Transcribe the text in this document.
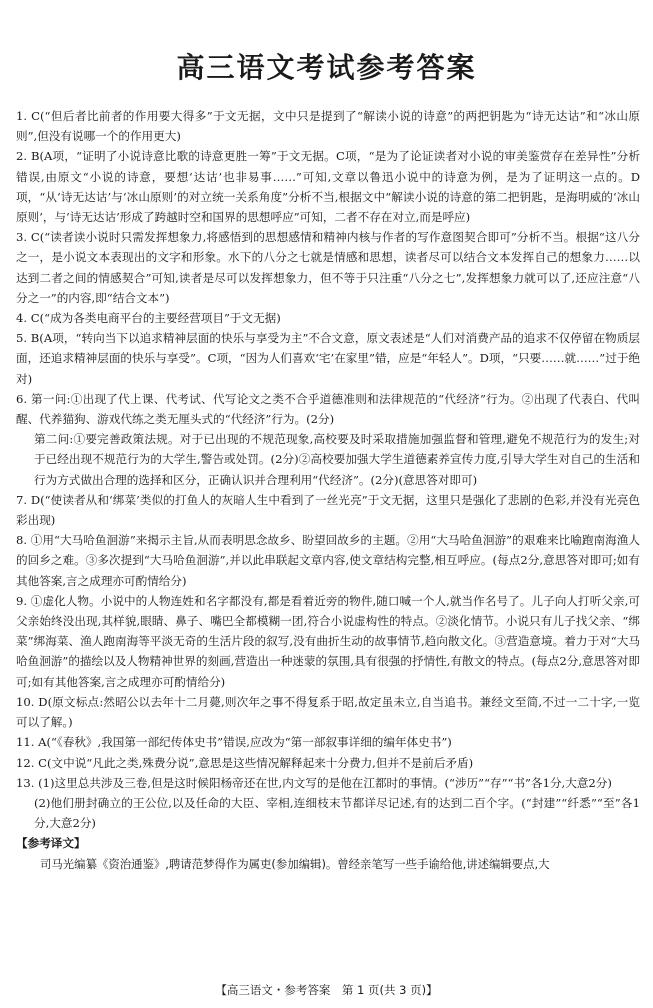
高三语文考试参考答案

1. C(“但后者比前者的作用要大得多”于文无据，文中只是提到了“解读小说的诗意”的两把钥匙为“诗无达诂”和“冰山原则”,但没有说哪一个的作用更大)

2. B(A项，“证明了小说诗意比歌的诗意更胜一筹”于文无据。C项，“是为了论证读者对小说的审美鉴赏存在差异性”分析错误,由原文“小说的诗意，要想‘达诂’也非易事……”可知,文章以鲁迅小说中的诗意为例，是为了证明这一点的。D项，“从‘诗无达诂’与‘冰山原则’的对立统一关系角度”分析不当,根据文中“解读小说的诗意的第二把钥匙，是海明威的‘冰山原则’，与‘诗无达诂’形成了跨越时空和国界的思想呼应”可知，二者不存在对立,而是呼应)

3. C(“读者读小说时只需发挥想象力,将感悟到的思想感情和精神内核与作者的写作意图契合即可”分析不当。根据“这八分之一，是小说文本表现出的文字和形象。水下的八分之七就是情感和思想，读者尽可以结合文本发挥自己的想象力……以达到二者之间的情感契合”可知,读者是尽可以发挥想象力，但不等于只注重“八分之七”,发挥想象力就可以了,还应注意“八分之一”的内容,即“结合文本”)

4. C(“成为各类电商平台的主要经营项目”于文无据)

5. B(A项，“转向当下以追求精神层面的快乐与享受为主”不合文意，原文表述是“人们对消费产品的追求不仅停留在物质层面，还追求精神层面的快乐与享受”。C项，“因为人们喜欢‘宅’在家里”错，应是“年轻人”。D项，“只要……就……”过于绝对)

6. 第一问:①出现了代上课、代考试、代写论文之类不合乎道德准则和法律规范的“代经济”行为。②出现了代表白、代叫醒、代养猫狗、游戏代练之类无厘头式的“代经济”行为。(2分)

第二问:①要完善政策法规。对于已出现的不规范现象,高校要及时采取措施加强监督和管理,避免不规范行为的发生;对于已经出现不规范行为的大学生,警告或处罚。(2分)②高校要加强大学生道德素养宣传力度,引导大学生对自己的生活和行为方式做出合理的选择和区分，正确认识并合理利用“代经济”。(2分)(意思答对即可)

7. D(“使读者从和‘绑菜’类似的打鱼人的灰暗人生中看到了一丝光亮”于文无据，这里只是强化了悲剧的色彩,并没有光亮色彩出现)

8. ①用“大马哈鱼洄游”来揭示主旨,从而表明思念故乡、盼望回故乡的主题。②用“大马哈鱼洄游”的艰难来比喻跑南海渔人的回乡之难。③多次提到“大马哈鱼洄游”,并以此串联起文章内容,使文章结构完整,相互呼应。(每点2分,意思答对即可;如有其他答案,言之成理亦可酌情给分)

9. ①虚化人物。小说中的人物连姓和名字都没有,都是看着近旁的物件,随口喊一个人,就当作名号了。儿子向人打听父亲,可父亲始终没出现,其样貌,眼睛、鼻子、嘴巴全都模糊一团,符合小说虚构性的特点。②淡化情节。小说只有儿子找父亲、“绑菜”绑海菜、渔人跑南海等平淡无奇的生活片段的叙写,没有曲折生动的故事情节,趋向散文化。③营造意境。着力于对“大马哈鱼洄游”的描绘以及人物精神世界的刻画,营造出一种迷蒙的氛围,具有很强的抒情性,有散文的特点。(每点2分,意思答对即可;如有其他答案,言之成理亦可酌情给分)

10. D(原文标点:然昭公以去年十二月薨,则次年之事不得复系于昭,故定虽未立,自当追书。兼经文至简,不过一二十字,一览可以了解。)

11. A(“《春秋》,我国第一部纪传体史书”错误,应改为“第一部叙事详细的编年体史书”)

12. C(文中说“凡此之类,殊费分说”,意思是这些情况解释起来十分费力,但并不是前后矛盾)

13. (1)这里总共涉及三卷,但是这时候阳杨帝还在世,内文写的是他在江都时的事情。(“涉历”“存”“书”各1分,大意2分)

(2)他们册封确立的王公位,以及任命的大臣、宰相,连细枝末节都详尽记述,有的达到二百个字。(“封建”“纤悉”“至”各1分,大意2分)

【参考译文】

司马光编纂《资治通鉴》,聘请范梦得作为属吏(参加编辑)。曾经亲笔写一些手谕给他,讲述编辑要点,大

【高三语文・参考答案　第 1 页(共 3 页)】
